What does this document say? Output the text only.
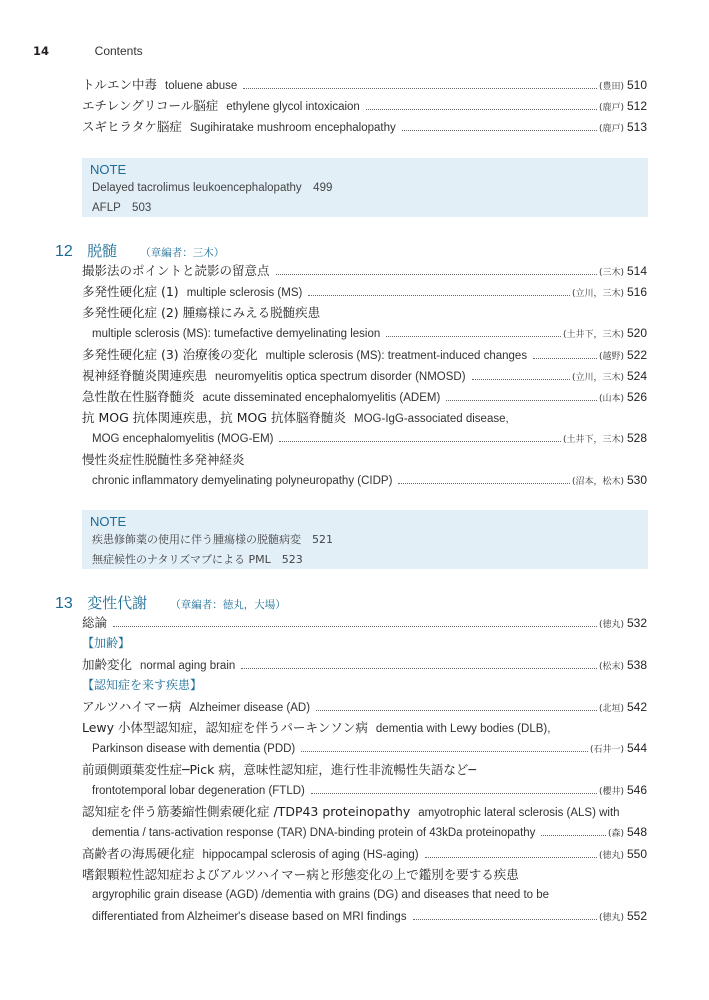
14	Contents
トルエン中毒 toluene abuse	(豊田) 510
エチレングリコール脳症 ethylene glycol intoxicaion	(鹿戸) 512
スギヒラタケ脳症 Sugihiratake mushroom encephalopathy	(鹿戸) 513
NOTE
Delayed tacrolimus leukoencephalopathy　499
AFLP　503
12 脱髄 （章編者：三木）
撮影法のポイントと読影の留意点	(三木) 514
多発性硬化症 (1) multiple sclerosis (MS)	(立川，三木) 516
多発性硬化症 (2) 腫瘍様にみえる脱髄疾患
multiple sclerosis (MS): tumefactive demyelinating lesion	(土井下，三木) 520
多発性硬化症 (3) 治療後の変化 multiple sclerosis (MS): treatment-induced changes	(越野) 522
視神経脊髄炎関連疾患 neuromyelitis optica spectrum disorder (NMOSD)	(立川，三木) 524
急性散在性脳脊髄炎 acute disseminated encephalomyelitis (ADEM)	(山本) 526
抗 MOG 抗体関連疾患，抗 MOG 抗体脳脊髄炎 MOG-IgG-associated disease,
MOG encephalomyelitis (MOG-EM)	(土井下，三木) 528
慢性炎症性脱髄性多発神経炎
chronic inflammatory demyelinating polyneuropathy (CIDP)	(沼本，松木) 530
NOTE
疾患修飾薬の使用に伴う腫瘍様の脱髄病変　521
無症候性のナタリズマブによる PML　523
13 変性代謝 （章編者：徳丸，大場）
総論	(徳丸) 532
【加齢】
加齢変化 normal aging brain	(松末) 538
【認知症を来す疾患】
アルツハイマー病 Alzheimer disease (AD)	(北垣) 542
Lewy 小体型認知症，認知症を伴うパーキンソン病 dementia with Lewy bodies (DLB),
Parkinson disease with dementia (PDD)	(石井一) 544
前頭側頭葉変性症─Pick 病，意味性認知症，進行性非流暢性失語など─
frontotemporal lobar degeneration (FTLD)	(櫻井) 546
認知症を伴う筋萎縮性側索硬化症 /TDP43 proteinopathy amyotrophic lateral sclerosis (ALS) with
dementia / tans-activation response (TAR) DNA-binding protein of 43kDa proteinopathy	(森) 548
高齢者の海馬硬化症 hippocampal sclerosis of aging (HS-aging)	(徳丸) 550
嗜銀顆粒性認知症およびアルツハイマー病と形態変化の上で鑑別を要する疾患
argyrophilic grain disease (AGD) /dementia with grains (DG) and diseases that need to be
differentiated from Alzheimer's disease based on MRI findings	(徳丸) 552
